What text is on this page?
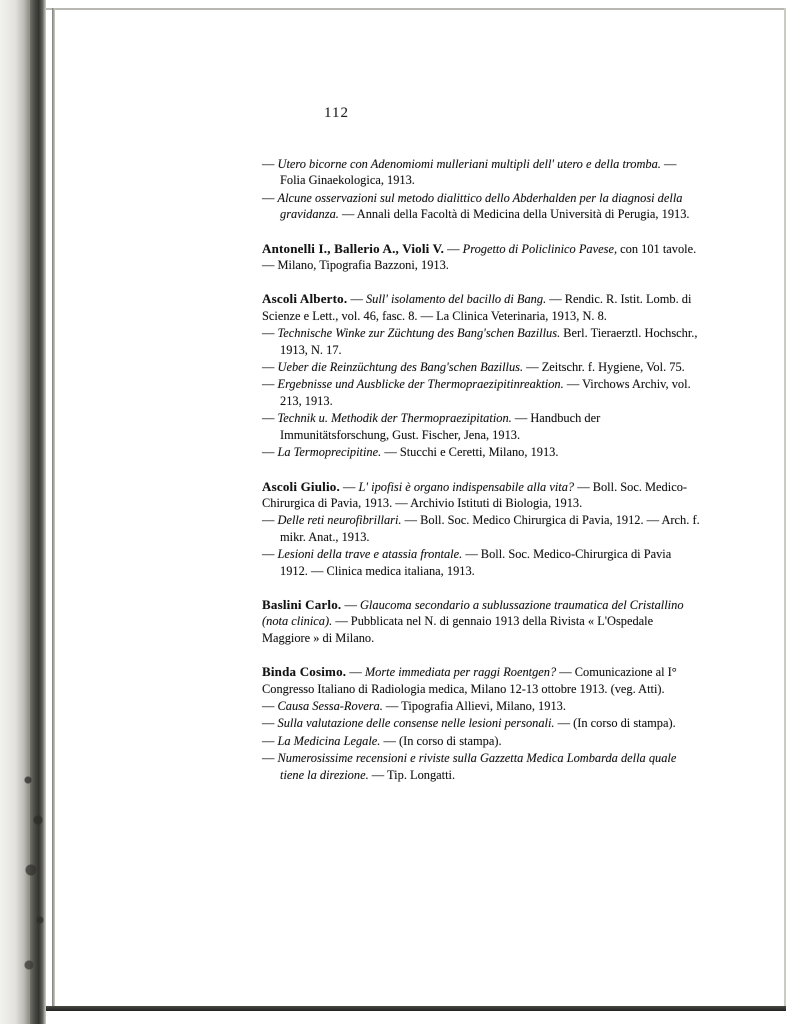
112

— Utero bicorne con Adenomiomi mulleriani multipli dell' utero e della tromba. — Folia Ginaekologica, 1913.

— Alcune osservazioni sul metodo dialittico dello Abderhalden per la diagnosi della gravidanza. — Annali della Facoltà di Medicina della Università di Perugia, 1913.

Antonelli I., Ballerio A., Violi V. — Progetto di Policlinico Pavese, con 101 tavole. — Milano, Tipografia Bazzoni, 1913.

Ascoli Alberto. — Sull' isolamento del bacillo di Bang. — Rendic. R. Istit. Lomb. di Scienze e Lett., vol. 46, fasc. 8. — La Clinica Veterinaria, 1913, N. 8.

— Technische Winke zur Züchtung des Bang'schen Bazillus. Berl. Tieraerztl. Hochschr., 1913, N. 17.

— Ueber die Reinzüchtung des Bang'schen Bazillus. — Zeitschr. f. Hygiene, Vol. 75.

— Ergebnisse und Ausblicke der Thermopraezipitinreaktion. — Virchows Archiv, vol. 213, 1913.

— Technik u. Methodik der Thermopraezipitation. — Handbuch der Immunitätsforschung, Gust. Fischer, Jena, 1913.

— La Termoprecipitine. — Stucchi e Ceretti, Milano, 1913.

Ascoli Giulio. — L' ipofisi è organo indispensabile alla vita? — Boll. Soc. Medico-Chirurgica di Pavia, 1913. — Archivio Istituti di Biologia, 1913.

— Delle reti neurofibrillari. — Boll. Soc. Medico Chirurgica di Pavia, 1912. — Arch. f. mikr. Anat., 1913.

— Lesioni della trave e atassia frontale. — Boll. Soc. Medico-Chirurgica di Pavia 1912. — Clinica medica italiana, 1913.

Baslini Carlo. — Glaucoma secondario a sublussazione traumatica del Cristallino (nota clinica). — Pubblicata nel N. di gennaio 1913 della Rivista « L'Ospedale Maggiore » di Milano.

Binda Cosimo. — Morte immediata per raggi Roentgen? — Comunicazione al I° Congresso Italiano di Radiologia medica, Milano 12-13 ottobre 1913. (veg. Atti).

— Causa Sessa-Rovera. — Tipografia Allievi, Milano, 1913.

— Sulla valutazione delle consense nelle lesioni personali. — (In corso di stampa).

— La Medicina Legale. — (In corso di stampa).

— Numerosissime recensioni e riviste sulla Gazzetta Medica Lombarda della quale tiene la direzione. — Tip. Longatti.
